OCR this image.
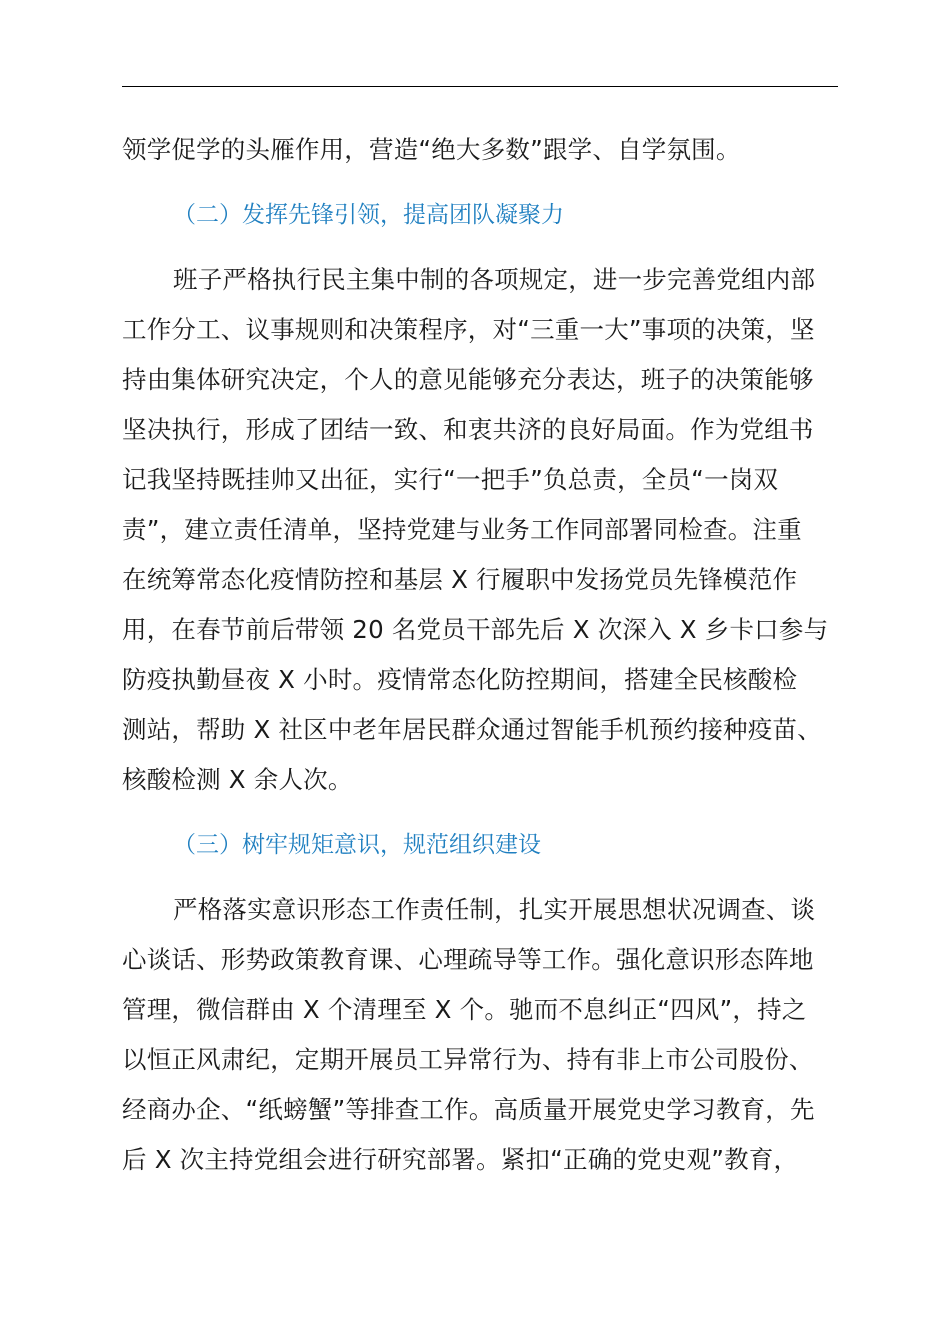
领学促学的头雁作用，营造“绝大多数”跟学、自学氛围。
（二）发挥先锋引领，提高团队凝聚力
班子严格执行民主集中制的各项规定，进一步完善党组内部
工作分工、议事规则和决策程序，对“三重一大”事项的决策，坚
持由集体研究决定，个人的意见能够充分表达，班子的决策能够
坚决执行，形成了团结一致、和衷共济的良好局面。作为党组书
记我坚持既挂帅又出征，实行“一把手”负总责，全员“一岗双
责”，建立责任清单，坚持党建与业务工作同部署同检查。注重
在统筹常态化疫情防控和基层 X 行履职中发扬党员先锋模范作
用，在春节前后带领 20 名党员干部先后 X 次深入 X 乡卡口参与
防疫执勤昼夜 X 小时。疫情常态化防控期间，搭建全民核酸检
测站，帮助 X 社区中老年居民群众通过智能手机预约接种疫苗、
核酸检测 X 余人次。
（三）树牢规矩意识，规范组织建设
严格落实意识形态工作责任制，扎实开展思想状况调查、谈
心谈话、形势政策教育课、心理疏导等工作。强化意识形态阵地
管理，微信群由 X 个清理至 X 个。驰而不息纠正“四风”，持之
以恒正风肃纪，定期开展员工异常行为、持有非上市公司股份、
经商办企、“纸螃蟹”等排查工作。高质量开展党史学习教育，先
后 X 次主持党组会进行研究部署。紧扣“正确的党史观”教育，
